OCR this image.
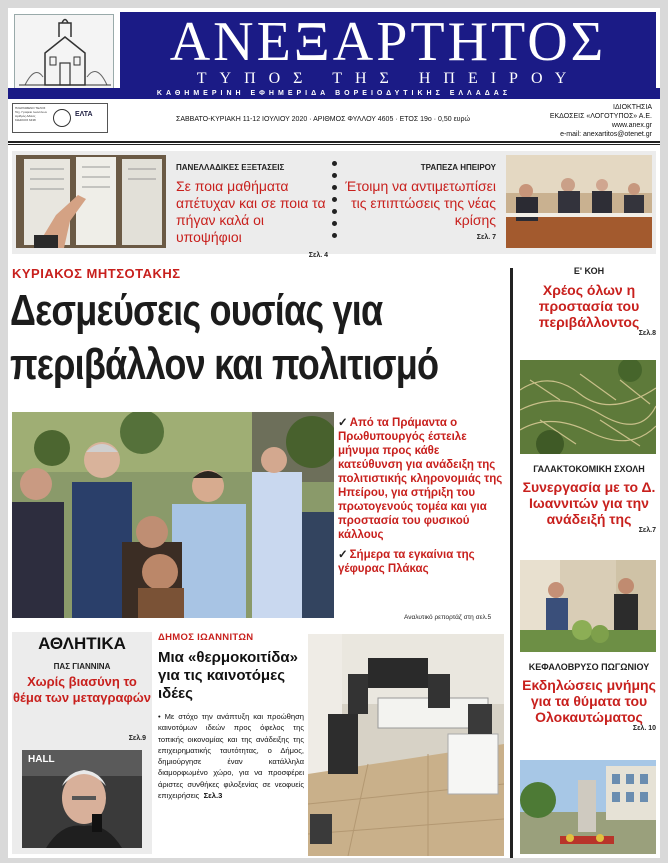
ΑΝΕΞΑΡΤΗΤΟΣ
ΤΥΠΟΣ ΤΗΣ ΗΠΕΙΡΟΥ
ΚΑΘΗΜΕΡΙΝΗ ΕΦΗΜΕΡΙΔΑ ΒΟΡΕΙΟΔΥΤΙΚΗΣ ΕΛΛΑΔΑΣ
ΠΛΗΡΩΜΕΝΟ ΤΕΛΟΣ Ταχ. Γραφείο Ιωαννίνων Αριθμός Αδείας ΚΩΔΙΚΟΣ 6438
ΕΛΤΑ
ΣΑΒΒΑΤΟ-ΚΥΡΙΑΚΗ 11-12 ΙΟΥΛΙΟΥ 2020 · ΑΡΙΘΜΟΣ ΦΥΛΛΟΥ 4605 · ΕΤΟΣ 19ο · 0,50 ευρώ
ΙΔΙΟΚΤΗΣΙΑ
ΕΚΔΟΣΕΙΣ «ΛΟΓΟΤΥΠΟΣ» Α.Ε.
www.anex.gr
e-mail: anexartitos@otenet.gr
ΠΑΝΕΛΛΑΔΙΚΕΣ ΕΞΕΤΑΣΕΙΣ
Σε ποια μαθήματα απέτυχαν και σε ποια τα πήγαν καλά οι υποψήφιοι
Σελ. 4
ΤΡΑΠΕΖΑ ΗΠΕΙΡΟΥ
Έτοιμη να αντιμετωπίσει τις επιπτώσεις της νέας κρίσης
Σελ. 7
ΚΥΡΙΑΚΟΣ ΜΗΤΣΟΤΑΚΗΣ
Δεσμεύσεις ουσίας για
περιβάλλον και πολιτισμό
✓ Από τα Πράμαντα ο Πρωθυπουργός έστειλε μήνυμα προς κάθε κατεύθυνση για ανάδειξη της πολιτιστικής κληρονομιάς της Ηπείρου, για στήριξη του πρωτογενούς τομέα και για προστασία του φυσικού κάλλους
✓ Σήμερα τα εγκαίνια της γέφυρας Πλάκας
Αναλυτικό ρεπορτάζ στη σελ.5
Ε' ΚΟΗ
Χρέος όλων η προστασία του περιβάλλοντος
Σελ.8
ΓΑΛΑΚΤΟΚΟΜΙΚΗ ΣΧΟΛΗ
Συνεργασία με το Δ. Ιωαννιτών για την ανάδειξή της
Σελ.7
ΚΕΦΑΛΟΒΡΥΣΟ ΠΩΓΩΝΙΟΥ
Εκδηλώσεις μνήμης για τα θύματα του Ολοκαυτώματος
Σελ. 10
ΑΘΛΗΤΙΚΑ
ΠΑΣ ΓΙΑΝΝΙΝΑ
Χωρίς βιασύνη το θέμα των μεταγραφών
Σελ.9
HALL
ΔΗΜΟΣ ΙΩΑΝΝΙΤΩΝ
Μια «θερμοκοιτίδα» για τις καινοτόμες ιδέες
• Με στόχο την ανάπτυξη και προώθηση καινοτόμων ιδεών προς όφελος της τοπικής οικονομίας και της ανάδειξης της επιχειρηματικής ταυτότητας, ο Δήμος, δημιούργησε έναν κατάλληλα διαμορφωμένο χώρο, για να προσφέρει άριστες συνθήκες φιλοξενίας σε νεοφυείς επιχειρήσεις Σελ.3
